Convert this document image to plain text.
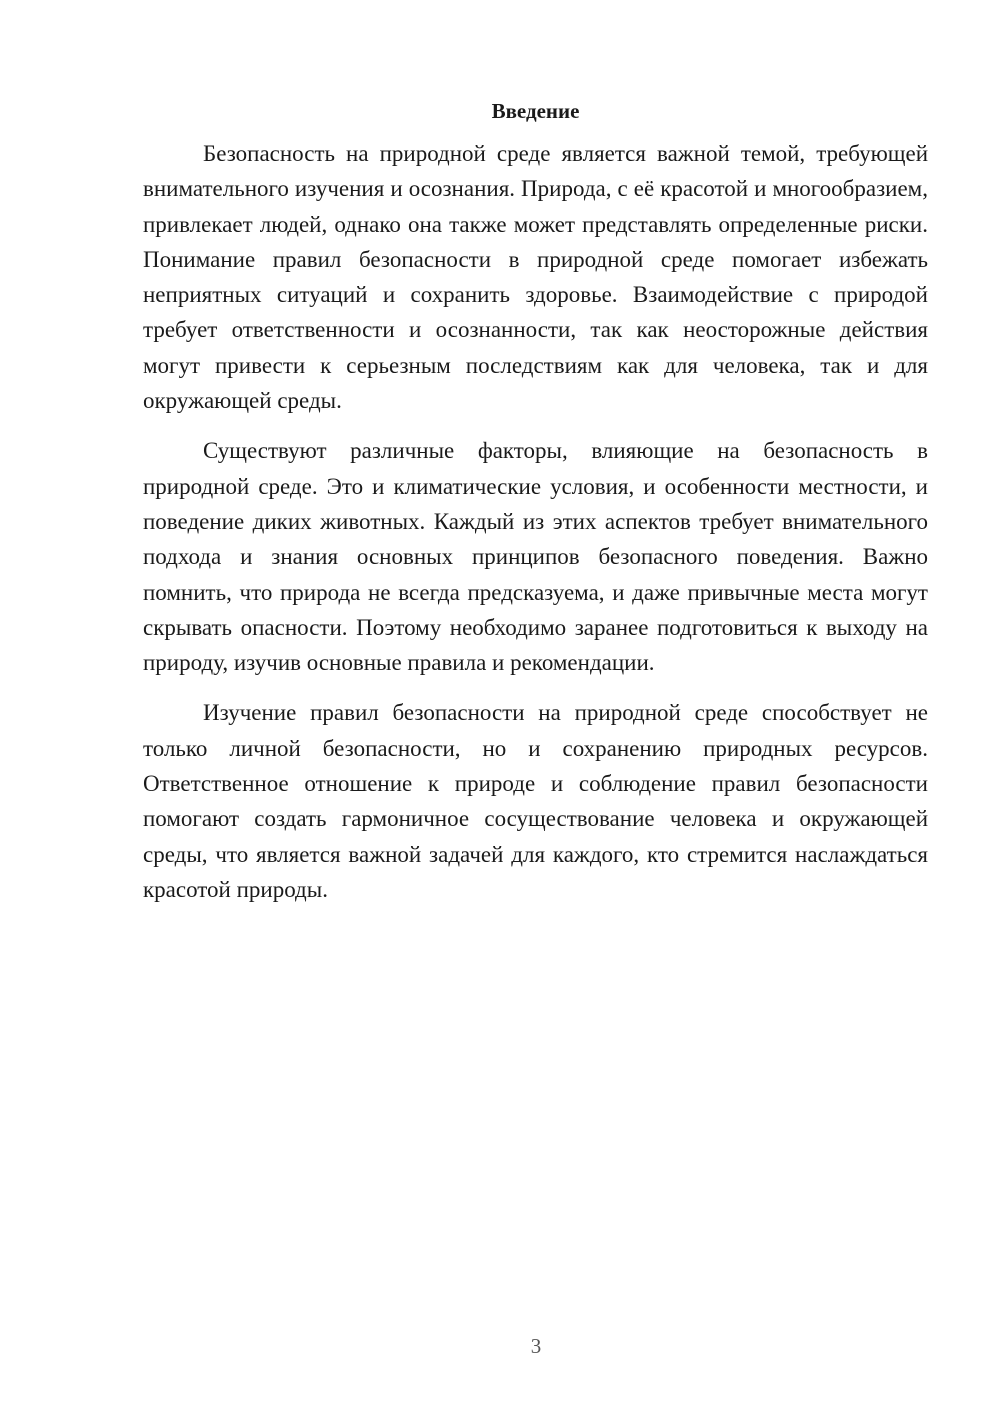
Введение

Безопасность на природной среде является важной темой, требующей внимательного изучения и осознания. Природа, с её красотой и многообразием, привлекает людей, однако она также может представлять определенные риски. Понимание правил безопасности в природной среде помогает избежать неприятных ситуаций и сохранить здоровье. Взаимодействие с природой требует ответственности и осознанности, так как неосторожные действия могут привести к серьезным последствиям как для человека, так и для окружающей среды.

Существуют различные факторы, влияющие на безопасность в природной среде. Это и климатические условия, и особенности местности, и поведение диких животных. Каждый из этих аспектов требует внимательного подхода и знания основных принципов безопасного поведения. Важно помнить, что природа не всегда предсказуема, и даже привычные места могут скрывать опасности. Поэтому необходимо заранее подготовиться к выходу на природу, изучив основные правила и рекомендации.

Изучение правил безопасности на природной среде способствует не только личной безопасности, но и сохранению природных ресурсов. Ответственное отношение к природе и соблюдение правил безопасности помогают создать гармоничное сосуществование человека и окружающей среды, что является важной задачей для каждого, кто стремится наслаждаться красотой природы.

3
